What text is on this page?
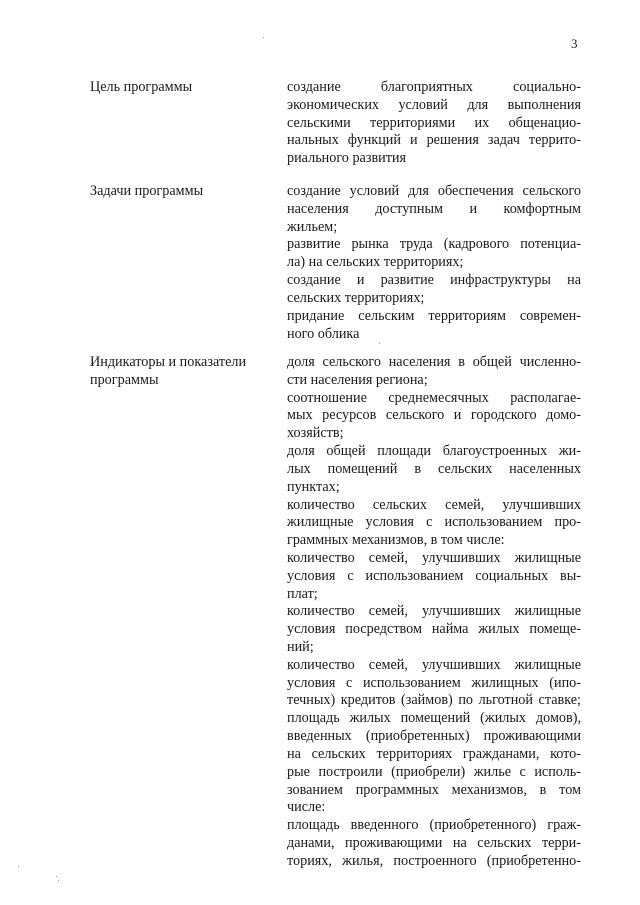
3
Цель программы	создание благоприятных социально-
экономических условий для выполнения
сельскими территориями их общенацио-
нальных функций и решения задач террито-
риального развития
Задачи программы	создание условий для обеспечения сельского
населения доступным и комфортным
жильем;
развитие рынка труда (кадрового потенциа-
ла) на сельских территориях;
создание и развитие инфраструктуры на
сельских территориях;
придание сельским территориям современ-
ного облика
Индикаторы и показатели
программы
доля сельского населения в общей численно-
сти населения региона;
соотношение среднемесячных располагае-
мых ресурсов сельского и городского домо-
хозяйств;
доля общей площади благоустроенных жи-
лых помещений в сельских населенных
пунктах;
количество сельских семей, улучшивших
жилищные условия с использованием про-
граммных механизмов, в том числе:
количество семей, улучшивших жилищные
условия с использованием социальных вы-
плат;
количество семей, улучшивших жилищные
условия посредством найма жилых помеще-
ний;
количество семей, улучшивших жилищные
условия с использованием жилищных (ипо-
течных) кредитов (займов) по льготной ставке;
площадь жилых помещений (жилых домов),
введенных (приобретенных) проживающими
на сельских территориях гражданами, кото-
рые построили (приобрели) жилье с исполь-
зованием программных механизмов, в том
числе:
площадь введенного (приобретенного) граж-
данами, проживающими на сельских терри-
ториях, жилья, построенного (приобретенно-
